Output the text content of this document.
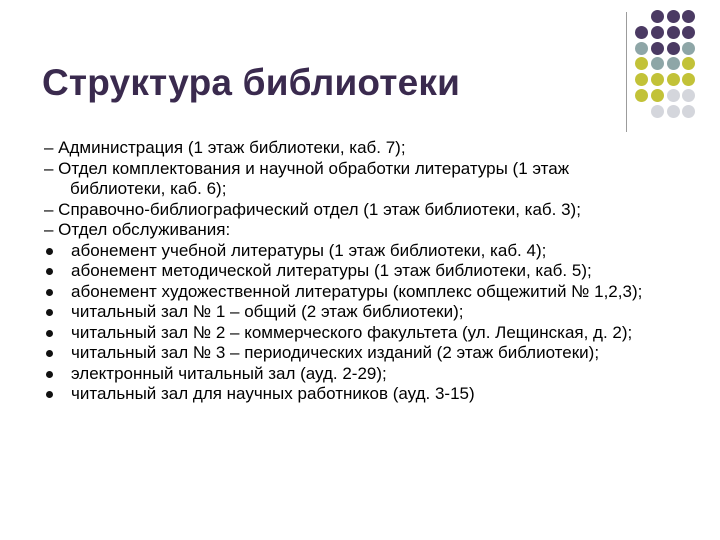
Структура библиотеки
– Администрация (1 этаж библиотеки, каб. 7);
– Отдел комплектования и научной обработки литературы (1 этаж
библиотеки, каб. 6);
– Справочно-библиографический отдел (1 этаж библиотеки, каб. 3);
– Отдел обслуживания:
абонемент учебной литературы (1 этаж библиотеки, каб. 4);
абонемент методической литературы (1 этаж библиотеки, каб. 5);
абонемент художественной литературы (комплекс общежитий № 1,2,3);
читальный зал № 1 – общий (2 этаж библиотеки);
читальный зал № 2 – коммерческого факультета (ул. Лещинская, д. 2);
читальный зал № 3 – периодических изданий (2 этаж библиотеки);
электронный читальный зал (ауд. 2-29);
читальный зал для научных работников (ауд. 3-15)
